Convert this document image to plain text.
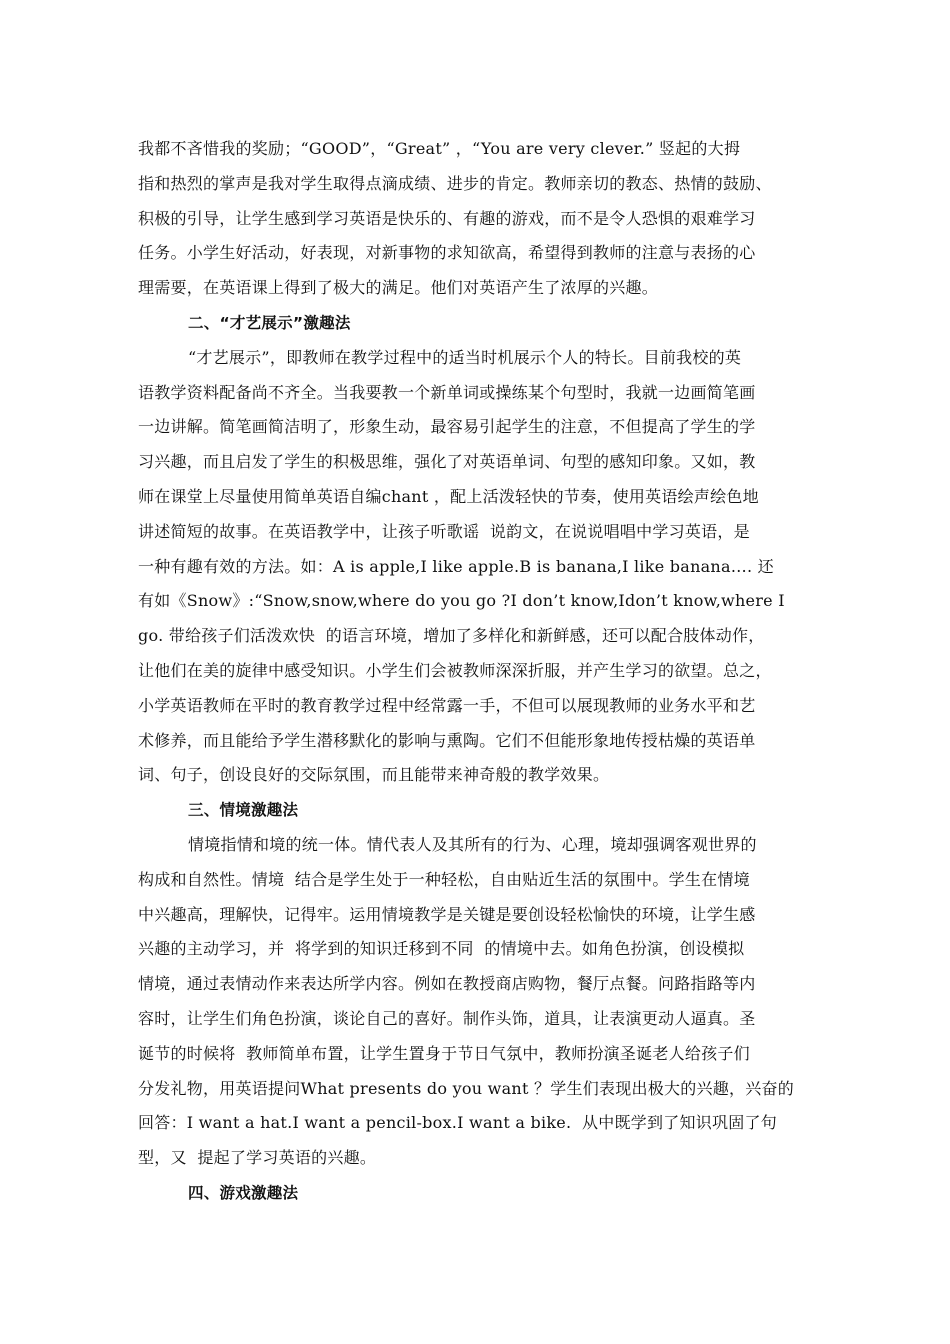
我都不吝惜我的奖励；“GOOD”，“Great” ，“You are very clever.” 竖起的大拇
指和热烈的掌声是我对学生取得点滴成绩、进步的肯定。教师亲切的教态、热情的鼓励、
积极的引导，让学生感到学习英语是快乐的、有趣的游戏，而不是令人恐惧的艰难学习
任务。小学生好活动，好表现，对新事物的求知欲高，希望得到教师的注意与表扬的心
理需要，在英语课上得到了极大的满足。他们对英语产生了浓厚的兴趣。
二、“才艺展示”激趣法
“才艺展示”，即教师在教学过程中的适当时机展示个人的特长。目前我校的英
语教学资料配备尚不齐全。当我要教一个新单词或操练某个句型时，我就一边画简笔画
一边讲解。简笔画简洁明了，形象生动，最容易引起学生的注意，不但提高了学生的学
习兴趣，而且启发了学生的积极思维，强化了对英语单词、句型的感知印象。又如，教
师在课堂上尽量使用简单英语自编chant ，配上活泼轻快的节奏，使用英语绘声绘色地
讲述简短的故事。在英语教学中，让孩子听歌谣  说韵文，在说说唱唱中学习英语，是
一种有趣有效的方法。如：A is apple,I like apple.B is banana,I like banana…. 还
有如《Snow》:“Snow,snow,where do you go ?I don’t know,Idon’t know,where I
go. 带给孩子们活泼欢快  的语言环境，增加了多样化和新鲜感，还可以配合肢体动作，
让他们在美的旋律中感受知识。小学生们会被教师深深折服，并产生学习的欲望。总之，
小学英语教师在平时的教育教学过程中经常露一手，不但可以展现教师的业务水平和艺
术修养，而且能给予学生潜移默化的影响与熏陶。它们不但能形象地传授枯燥的英语单
词、句子，创设良好的交际氛围，而且能带来神奇般的教学效果。
三、情境激趣法
情境指情和境的统一体。情代表人及其所有的行为、心理，境却强调客观世界的
构成和自然性。情境  结合是学生处于一种轻松，自由贴近生活的氛围中。学生在情境
中兴趣高，理解快，记得牢。运用情境教学是关键是要创设轻松愉快的环境，让学生感
兴趣的主动学习，并  将学到的知识迁移到不同  的情境中去。如角色扮演，创设模拟
情境，通过表情动作来表达所学内容。例如在教授商店购物，餐厅点餐。问路指路等内
容时，让学生们角色扮演，谈论自己的喜好。制作头饰，道具，让表演更动人逼真。圣
诞节的时候将  教师简单布置，让学生置身于节日气氛中，教师扮演圣诞老人给孩子们
分发礼物，用英语提问What presents do you want ？学生们表现出极大的兴趣，兴奋的
回答：I want a hat.I want a pencil-box.I want a bike.  从中既学到了知识巩固了句
型，又  提起了学习英语的兴趣。
四、游戏激趣法
